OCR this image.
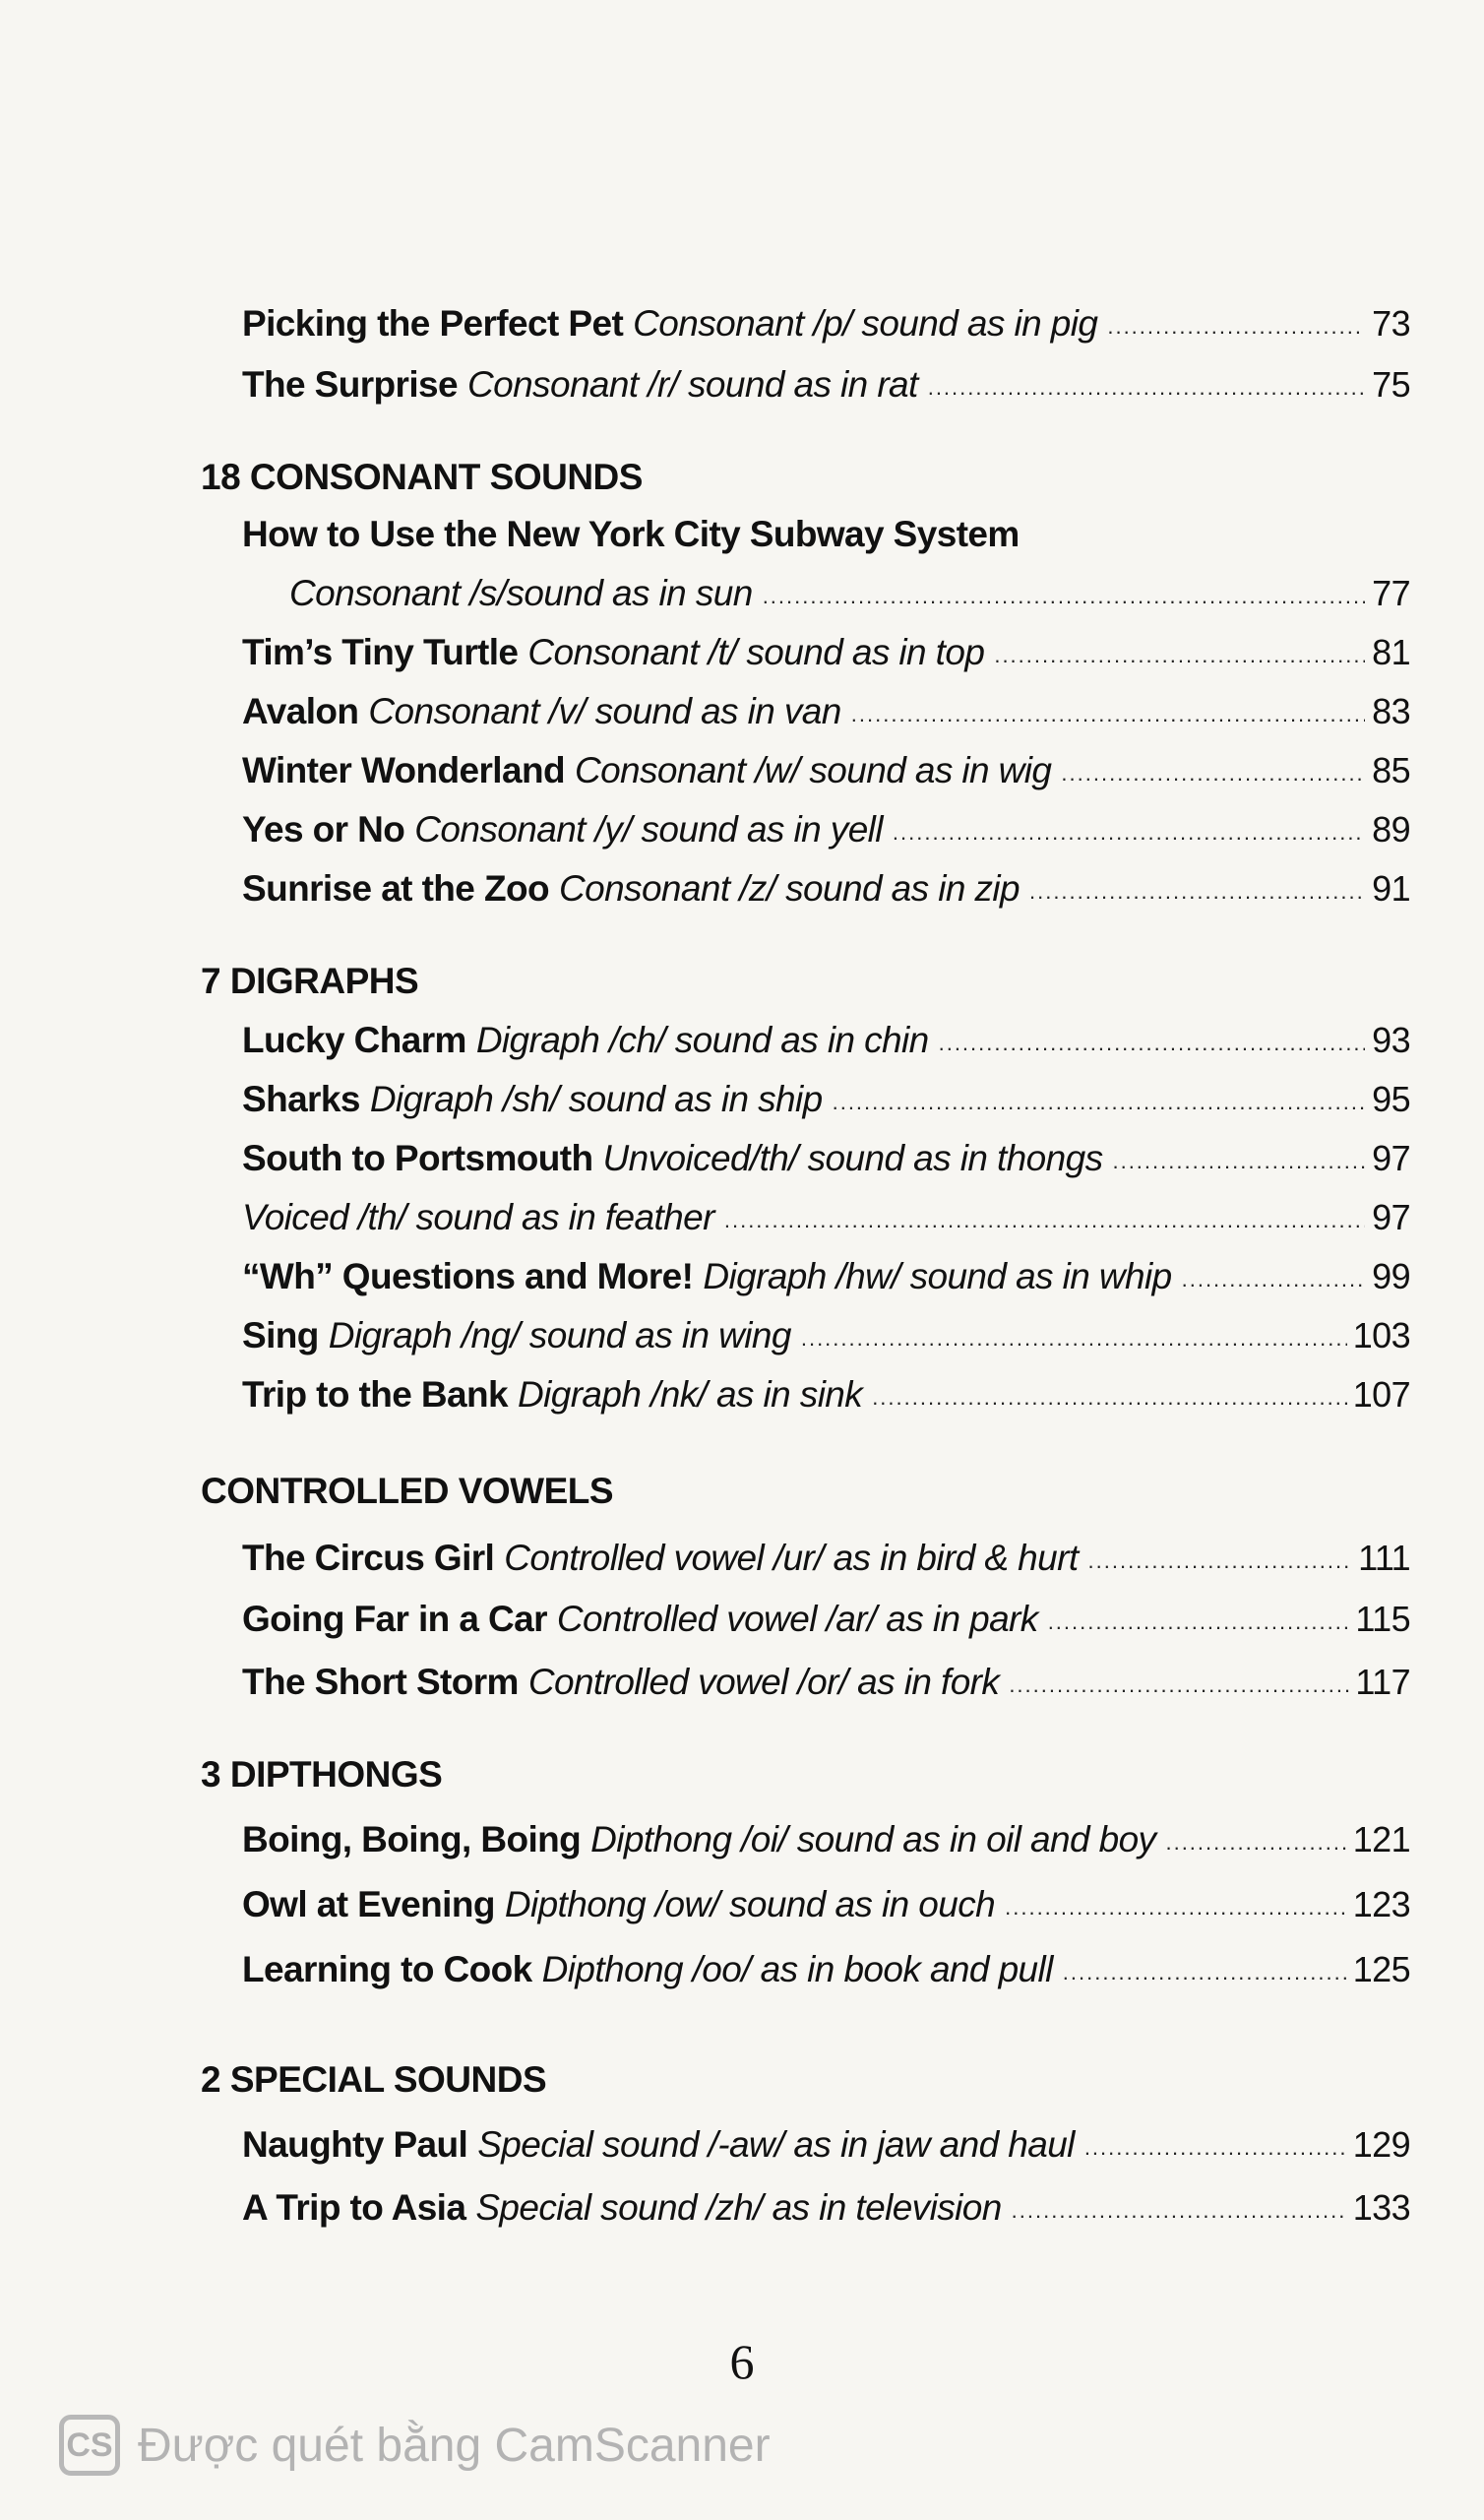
Picking the Perfect Pet Consonant /p/ sound as in pig .....	73
The Surprise Consonant /r/ sound as in rat .....	75
18 CONSONANT SOUNDS
How to Use the New York City Subway System
Consonant /s/sound as in sun .....	77
Tim’s Tiny Turtle Consonant /t/ sound as in top .....	81
Avalon Consonant /v/ sound as in van .....	83
Winter Wonderland Consonant /w/ sound as in wig .....	85
Yes or No Consonant /y/ sound as in yell .....	89
Sunrise at the Zoo Consonant /z/ sound as in zip .....	91
7 DIGRAPHS
Lucky Charm Digraph /ch/ sound as in chin .....	93
Sharks Digraph /sh/ sound as in ship .....	95
South to Portsmouth Unvoiced/th/ sound as in thongs .....	97
Voiced /th/ sound as in feather .....	97
“Wh” Questions and More! Digraph /hw/ sound as in whip .....	99
Sing Digraph /ng/ sound as in wing .....	103
Trip to the Bank Digraph /nk/ as in sink .....	107
CONTROLLED VOWELS
The Circus Girl Controlled vowel /ur/ as in bird & hurt .....	111
Going Far in a Car Controlled vowel /ar/ as in park .....	115
The Short Storm Controlled vowel /or/ as in fork .....	117
3 DIPTHONGS
Boing, Boing, Boing Dipthong /oi/ sound as in oil and boy .....	121
Owl at Evening Dipthong /ow/ sound as in ouch .....	123
Learning to Cook Dipthong /oo/ as in book and pull .....	125
2 SPECIAL SOUNDS
Naughty Paul Special sound /-aw/ as in jaw and haul .....	129
A Trip to Asia Special sound /zh/ as in television .....	133
6
CS Được quét bằng CamScanner
